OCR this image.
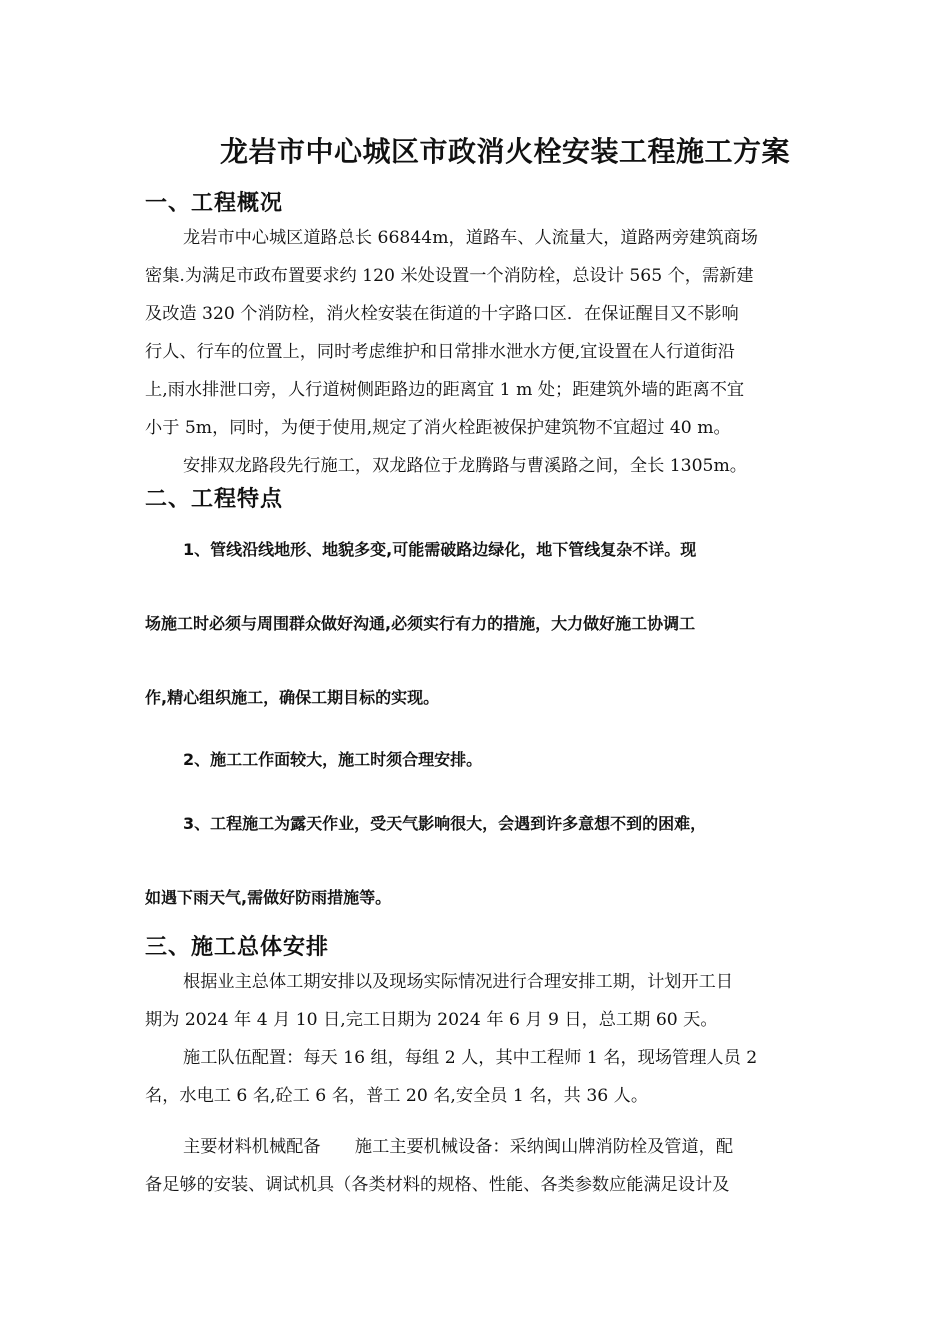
龙岩市中心城区市政消火栓安装工程施工方案
一、工程概况
龙岩市中心城区道路总长 66844m，道路车、人流量大，道路两旁建筑商场
密集.为满足市政布置要求约 120 米处设置一个消防栓，总设计 565 个，需新建
及改造 320 个消防栓，消火栓安装在街道的十字路口区．在保证醒目又不影响
行人、行车的位置上，同时考虑维护和日常排水泄水方便,宜设置在人行道街沿
上,雨水排泄口旁，人行道树侧距路边的距离宜 1 m 处；距建筑外墙的距离不宜
小于 5m，同时，为便于使用,规定了消火栓距被保护建筑物不宜超过 40 m。
安排双龙路段先行施工，双龙路位于龙腾路与曹溪路之间，全长 1305m。
二、工程特点
1、管线沿线地形、地貌多变,可能需破路边绿化，地下管线复杂不详。现
场施工时必须与周围群众做好沟通,必须实行有力的措施，大力做好施工协调工
作,精心组织施工，确保工期目标的实现。
2、施工工作面较大，施工时须合理安排。
3、工程施工为露天作业，受天气影响很大，会遇到许多意想不到的困难，
如遇下雨天气,需做好防雨措施等。
三、施工总体安排
根据业主总体工期安排以及现场实际情况进行合理安排工期，计划开工日
期为 2024 年 4 月 10 日,完工日期为 2024 年 6 月 9 日，总工期 60 天。
施工队伍配置：每天 16 组，每组 2 人，其中工程师 1 名，现场管理人员 2
名，水电工 6 名,砼工 6 名，普工 20 名,安全员 1 名，共 36 人。
主要材料机械配备　　施工主要机械设备：采纳闽山牌消防栓及管道，配
备足够的安装、调试机具（各类材料的规格、性能、各类参数应能满足设计及
